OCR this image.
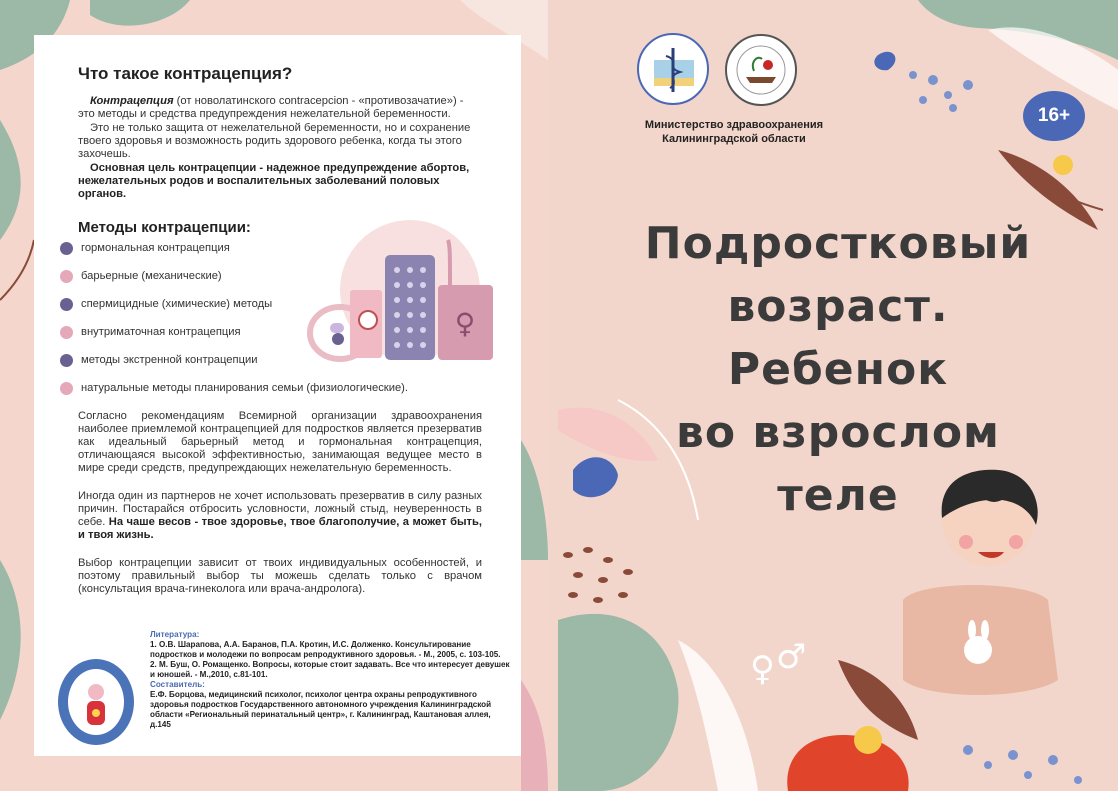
Что такое контрацепция?
Контрацепция (от новолатинского contracepcion - «противозачатие») - это методы и средства предупреждения нежелательной беременности.
Это не только защита от нежелательной беременности, но и сохранение твоего здоровья и возможность родить здорового ребенка, когда ты этого захочешь.
Основная цель контрацепции - надежное предупреждение абортов, нежелательных родов и воспалительных заболеваний половых органов.
Методы контрацепции:
гормональная контрацепция
барьерные (механические)
спермицидные (химические) методы
внутриматочная контрацепция
методы экстренной контрацепции
натуральные методы планирования семьи (физиологические).
♀
Согласно рекомендациям Всемирной организации здравоохранения наиболее приемлемой контрацепцией для подростков является презерватив как идеальный барьерный метод и гормональная контрацепция, отличающаяся высокой эффективностью, занимающая ведущее место в мире среди средств, предупреждающих нежелательную беременность.
Иногда один из партнеров не хочет использовать презерватив в силу разных причин. Постарайся отбросить условности, ложный стыд, неуверенность в себе. На чаше весов - твое здоровье, твое благополучие, а может быть, и твоя жизнь.
Выбор контрацепции зависит от твоих индивидуальных особенностей, и поэтому правильный выбор ты можешь сделать только с врачом (консультация врача-гинеколога или врача-андролога).
Литература:
1. О.В. Шарапова, А.А. Баранов, П.А. Кротин, И.С. Долженко. Консультирование подростков и молодежи по вопросам репродуктивного здоровья. - М., 2005, с. 103-105.
2. М. Буш, О. Ромащенко. Вопросы, которые стоит задавать. Все что интересует девушек и юношей. - М.,2010, с.81-101.
Составитель:
Е.Ф. Борцова, медицинский психолог, психолог центра охраны репродуктивного здоровья подростков Государственного автономного учреждения Калининградской области «Региональный перинатальный центр», г. Калининград, Каштановая аллея, д.145
♀ ♂
Министерство здравоохранения
Калининградской области
16+
Подростковый
возраст.
Ребенок
во взрослом
теле
